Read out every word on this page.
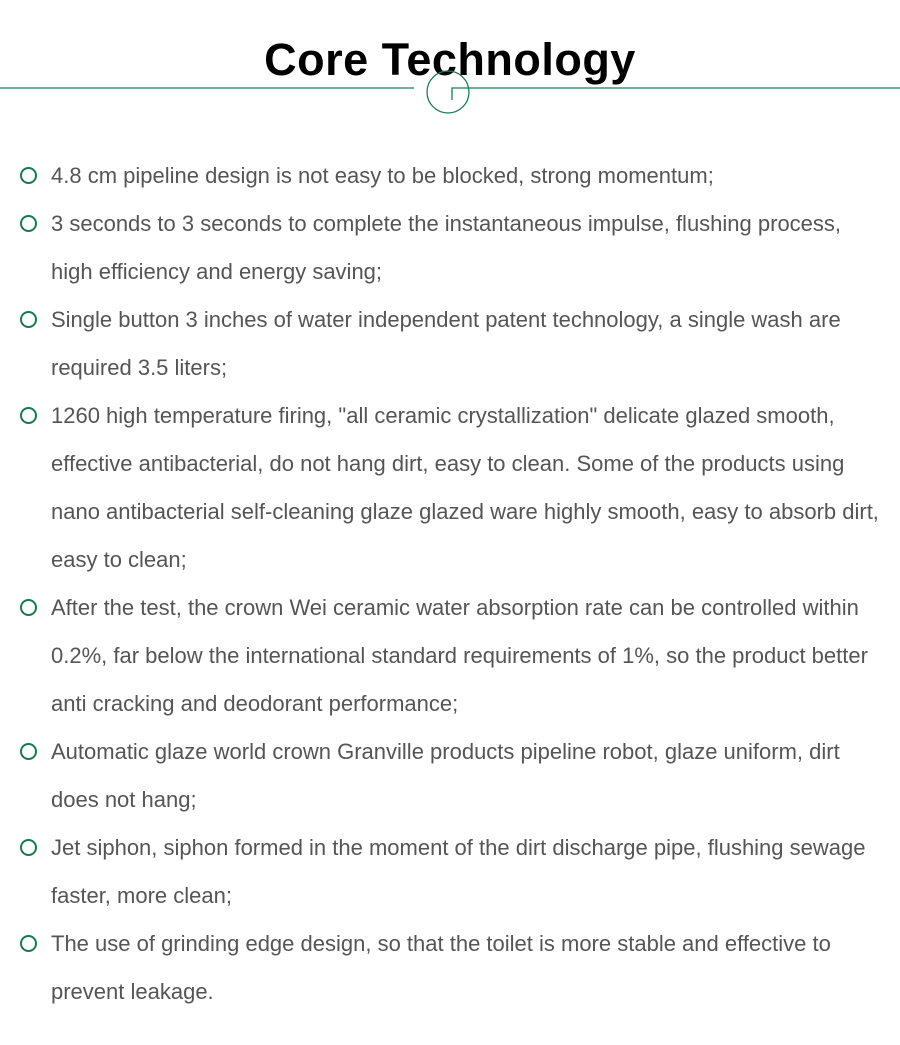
Core Technology
4.8 cm pipeline design is not easy to be blocked, strong momentum;
3 seconds to 3 seconds to complete the instantaneous impulse, flushing process, high efficiency and energy saving;
Single button 3 inches of water independent patent technology, a single wash are required 3.5 liters;
1260 high temperature firing, "all ceramic crystallization" delicate glazed smooth, effective antibacterial, do not hang dirt, easy to clean. Some of the products using nano antibacterial self-cleaning glaze glazed ware highly smooth, easy to absorb dirt, easy to clean;
After the test, the crown Wei ceramic water absorption rate can be controlled within 0.2%, far below the international standard requirements of 1%, so the product better anti cracking and deodorant performance;
Automatic glaze world crown Granville products pipeline robot, glaze uniform, dirt does not hang;
Jet siphon, siphon formed in the moment of the dirt discharge pipe, flushing sewage faster, more clean;
The use of grinding edge design, so that the toilet is more stable and effective to prevent leakage.
